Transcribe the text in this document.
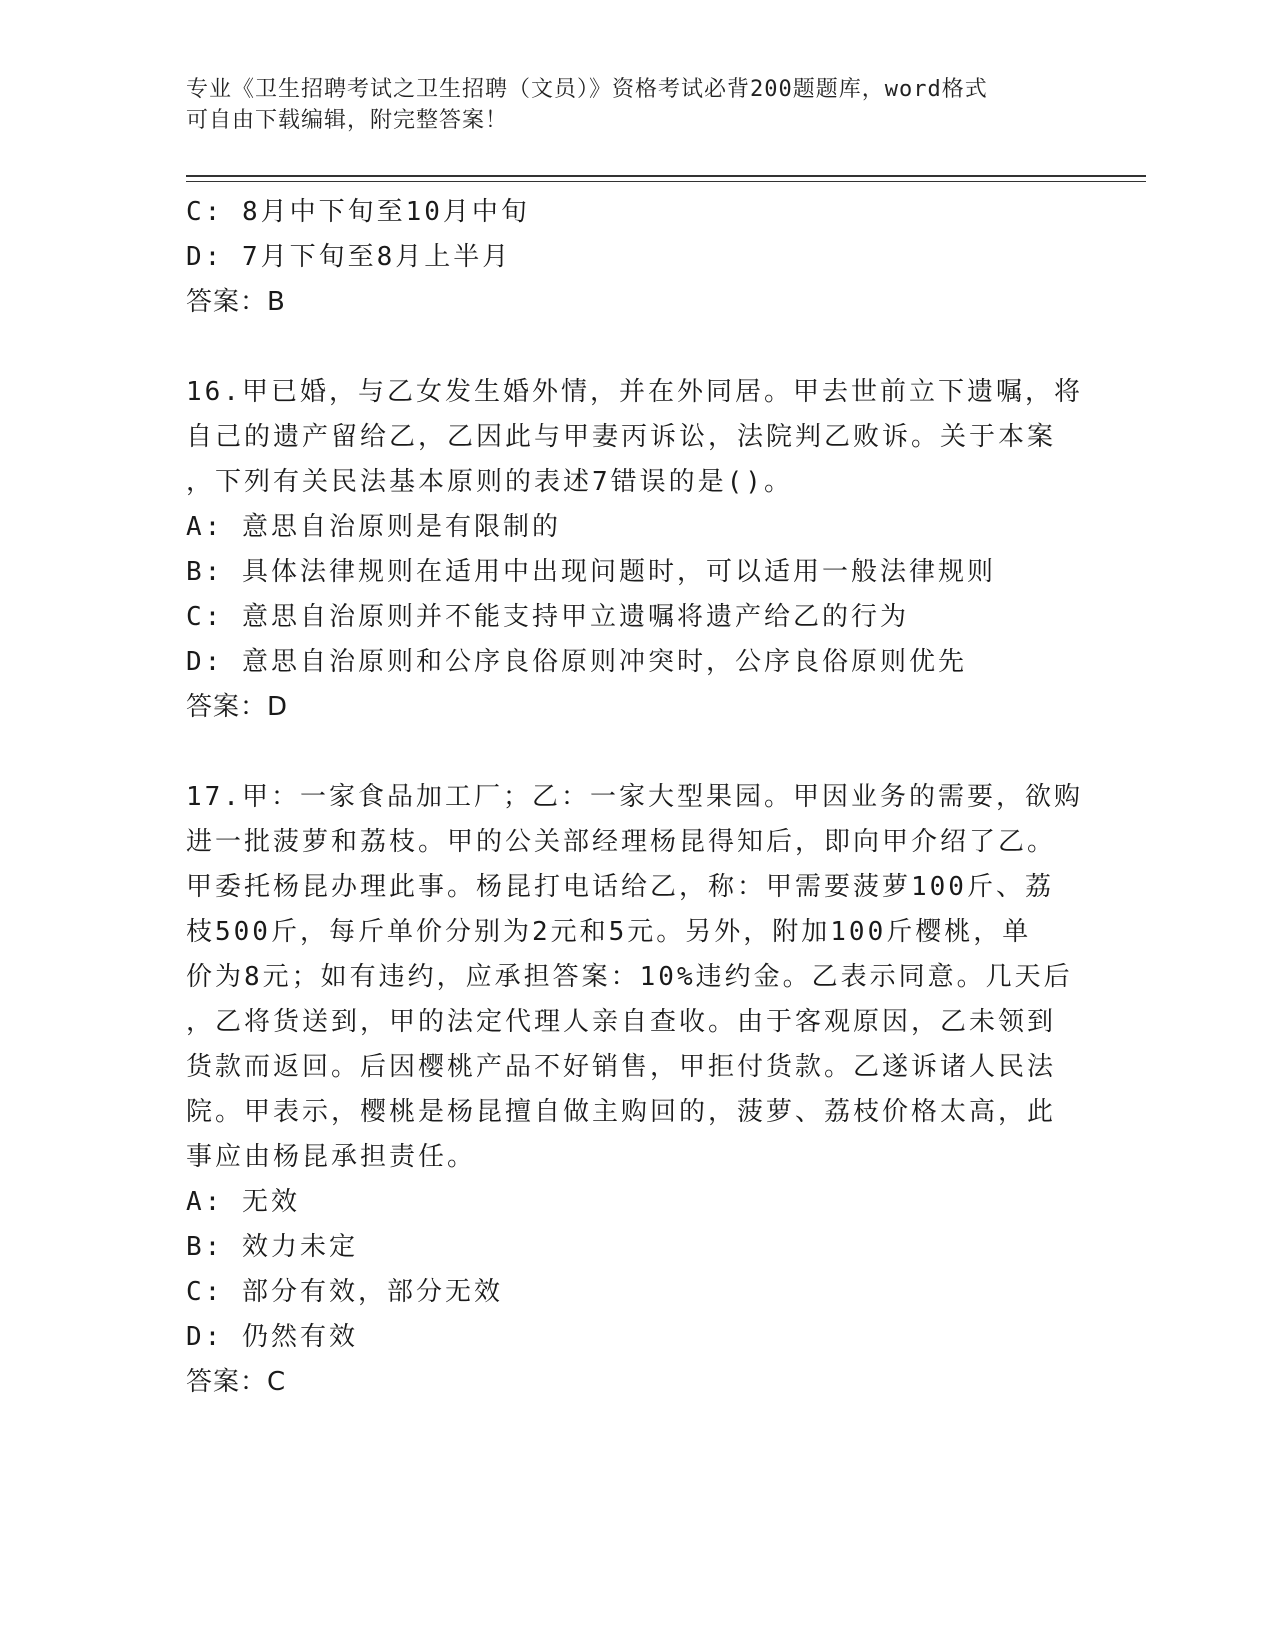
专业《卫生招聘考试之卫生招聘（文员）》资格考试必背200题题库，word格式
可自由下载编辑，附完整答案！
C: 8月中下旬至10月中旬
D: 7月下旬至8月上半月
答案：B
16.甲已婚，与乙女发生婚外情，并在外同居。甲去世前立下遗嘱，将
自己的遗产留给乙，乙因此与甲妻丙诉讼，法院判乙败诉。关于本案
，下列有关民法基本原则的表述7错误的是()。
A: 意思自治原则是有限制的
B: 具体法律规则在适用中出现问题时，可以适用一般法律规则
C: 意思自治原则并不能支持甲立遗嘱将遗产给乙的行为
D: 意思自治原则和公序良俗原则冲突时，公序良俗原则优先
答案：D
17.甲：一家食品加工厂；乙：一家大型果园。甲因业务的需要，欲购
进一批菠萝和荔枝。甲的公关部经理杨昆得知后，即向甲介绍了乙。
甲委托杨昆办理此事。杨昆打电话给乙，称：甲需要菠萝100斤、荔
枝500斤，每斤单价分别为2元和5元。另外，附加100斤樱桃，单
价为8元；如有违约，应承担答案：10%违约金。乙表示同意。几天后
，乙将货送到，甲的法定代理人亲自查收。由于客观原因，乙未领到
货款而返回。后因樱桃产品不好销售，甲拒付货款。乙遂诉诸人民法
院。甲表示，樱桃是杨昆擅自做主购回的，菠萝、荔枝价格太高，此
事应由杨昆承担责任。
A: 无效
B: 效力未定
C: 部分有效，部分无效
D: 仍然有效
答案：C
